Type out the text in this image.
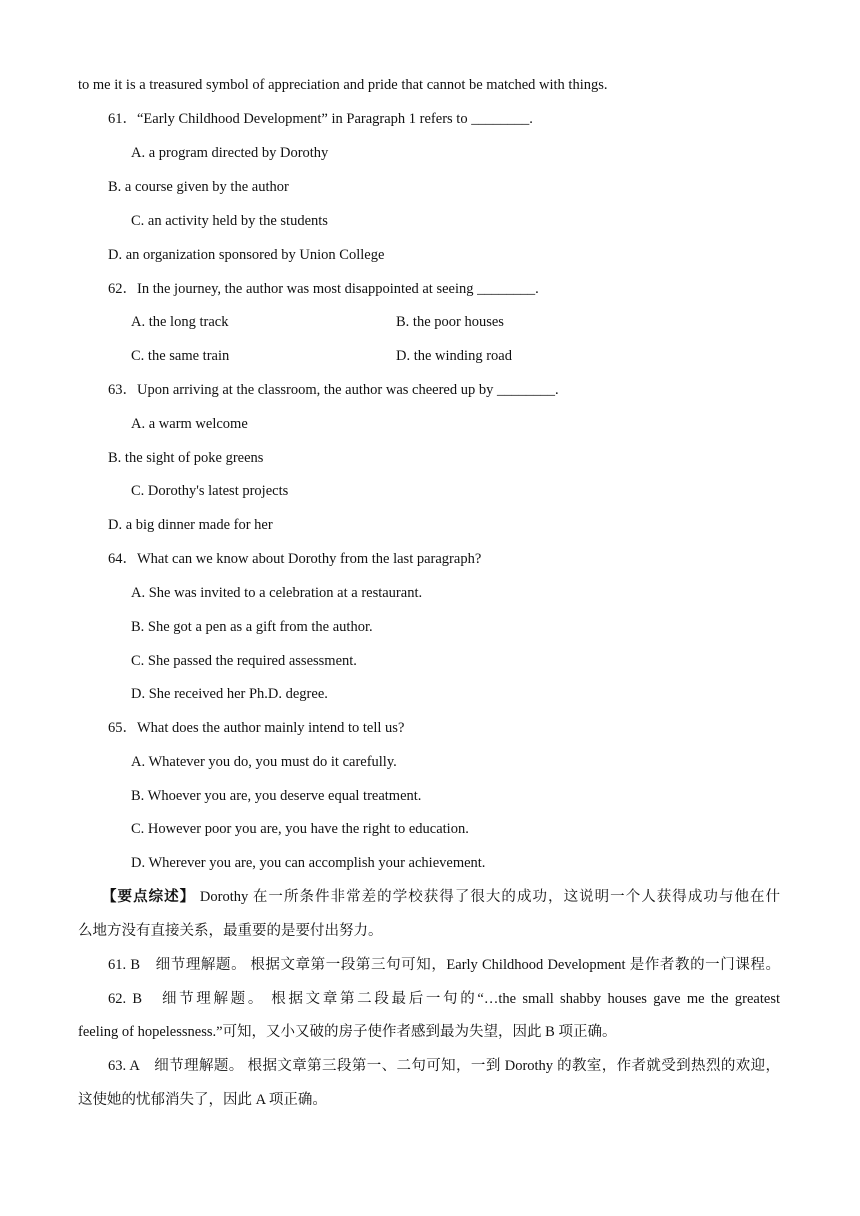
to me it is a treasured symbol of appreciation and pride that cannot be matched with things.
61．“Early Childhood Development” in Paragraph 1 refers to ________.
A. a program directed by Dorothy
B. a course given by the author
C. an activity held by the students
D. an organization sponsored by Union College
62．In the journey, the author was most disappointed at seeing ________.
A. the long track	B. the poor houses
C. the same train	D. the winding road
63．Upon arriving at the classroom, the author was cheered up by ________.
A. a warm welcome
B. the sight of poke greens
C. Dorothy's latest projects
D. a big dinner made for her
64．What can we know about Dorothy from the last paragraph?
A. She was invited to a celebration at a restaurant.
B. She got a pen as a gift from the author.
C. She passed the required assessment.
D. She received her Ph.D. degree.
65．What does the author mainly intend to tell us?
A. Whatever you do, you must do it carefully.
B. Whoever you are, you deserve equal treatment.
C. However poor you are, you have the right to education.
D. Wherever you are, you can accomplish your achievement.
【要点综述】 Dorothy 在一所条件非常差的学校获得了很大的成功，这说明一个人获得成功与他在什
么地方没有直接关系，最重要的是要付出努力。
61. B　细节理解题。 根据文章第一段第三句可知，Early Childhood Development 是作者教的一门课程。
62. B　细节理解题。 根据文章第二段最后一句的“…the small shabby houses gave me the greatest
feeling of hopelessness.”可知，又小又破的房子使作者感到最为失望，因此 B 项正确。
63. A　细节理解题。 根据文章第三段第一、二句可知，一到 Dorothy 的教室，作者就受到热烈的欢迎，
这使她的忧郁消失了，因此 A 项正确。
